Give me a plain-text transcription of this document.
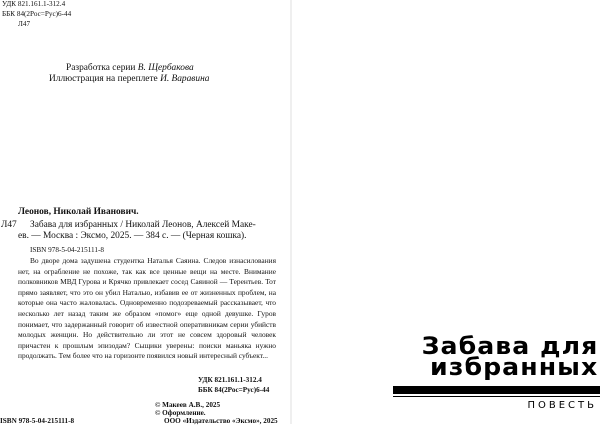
УДК 821.161.1-312.4
ББК 84(2Рос=Рус)6-44
Л47
Разработка серии В. Щербакова
Иллюстрация на переплете И. Варавина
Леонов, Николай Иванович.
Л47 Забава для избранных / Николай Леонов, Алексей Маке-
ев. — Москва : Эксмо, 2025. — 384 с. — (Черная кошка).
ISBN 978-5-04-215111-8
Во дворе дома задушена студентка Наталья Саяина. Следов изнасилования нет, на ограбление не похоже, так как все ценные вещи на месте. Внимание полковников МВД Гурова и Крячко привлекает сосед Саяиной — Терентьев. Тот прямо заявляет, что это он убил Наталью, избавив ее от жизненных проблем, на которые она часто жаловалась. Одновременно подозреваемый рассказывает, что несколько лет назад таким же образом «помог» еще одной девушке. Гуров понимает, что задержанный говорит об известной оперативникам серии убийств молодых женщин. Но действительно ли этот не совсем здоровый человек причастен к прошлым эпизодам? Сыщики уверены: поиски маньяка нужно продолжать. Тем более что на горизонте появился новый интересный субъект...
УДК 821.161.1-312.4
ББК 84(2Рос=Рус)6-44
© Макеев А.В., 2025
© Оформление.
ООО «Издательство «Эксмо», 2025
ISBN 978-5-04-215111-8
Забава для
избранных
ПОВЕСТЬ
